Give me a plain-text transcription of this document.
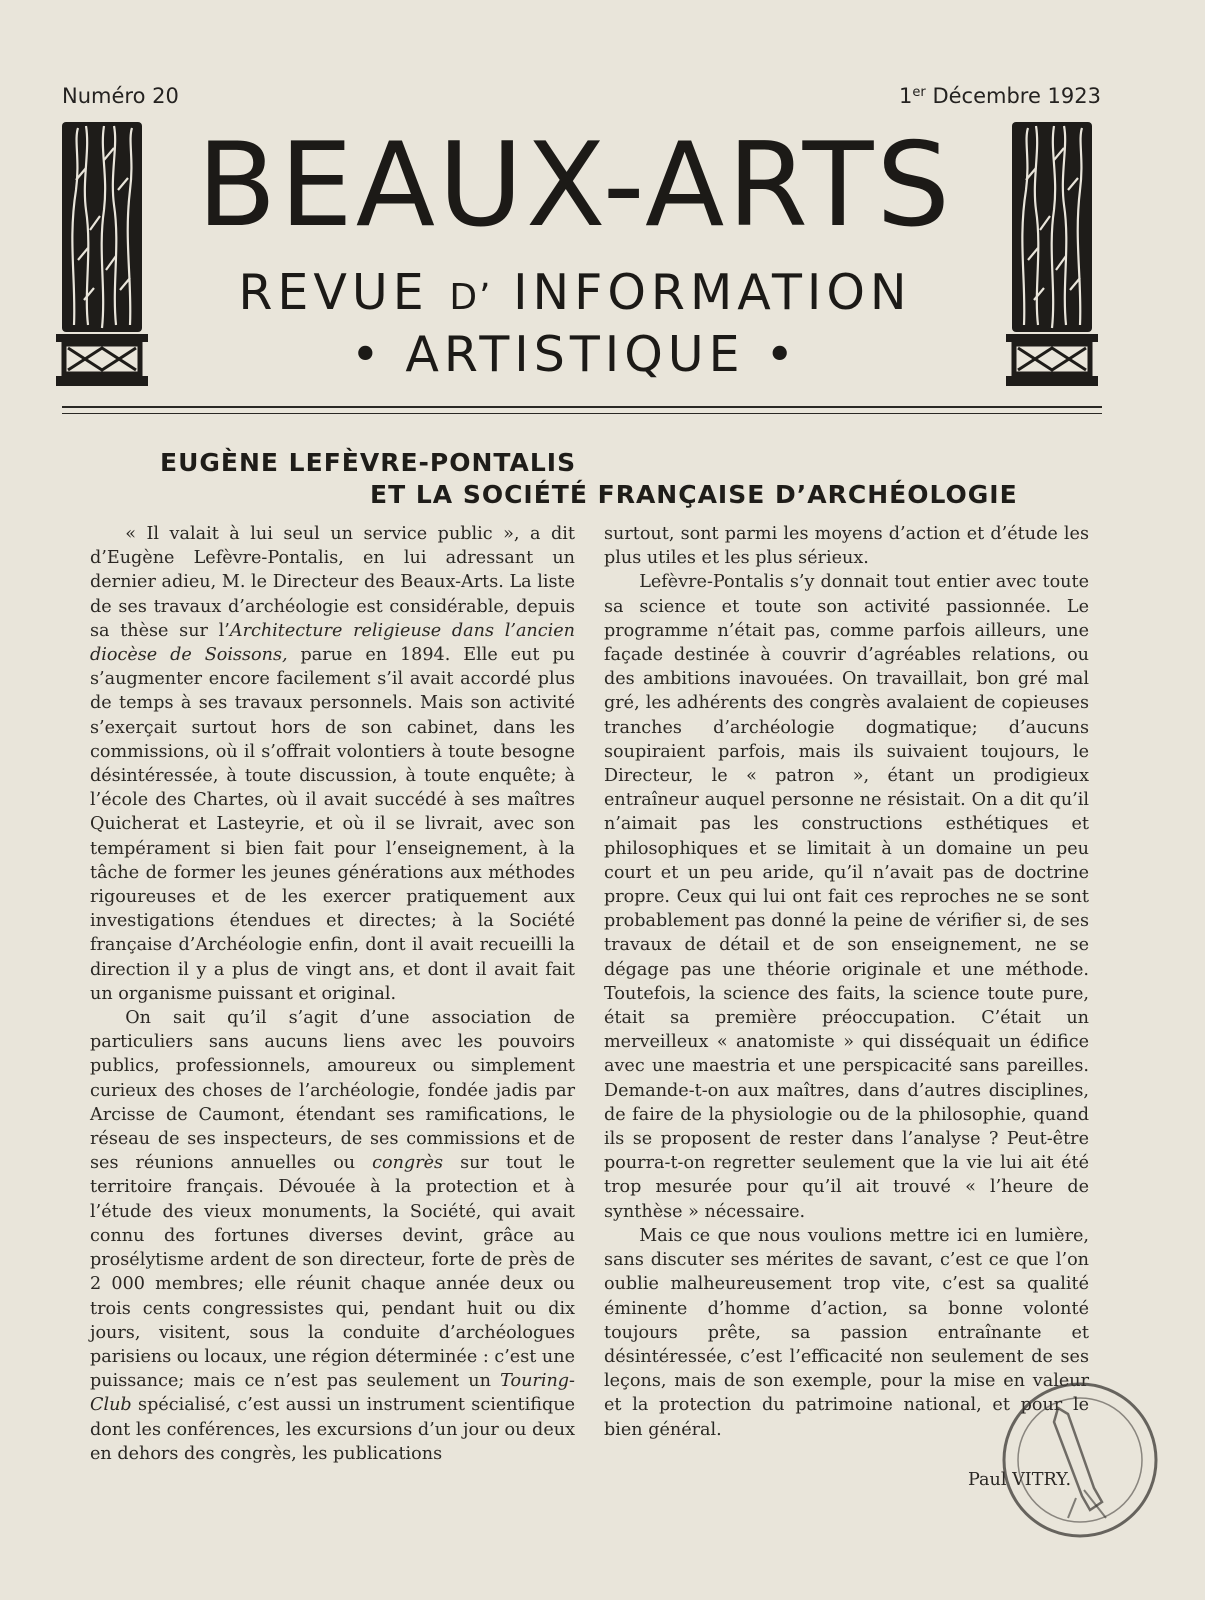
Numéro 20	1er Décembre 1923
BEAUX-ARTS
REVUE D’ INFORMATION
• ARTISTIQUE •
EUGÈNE LEFÈVRE-PONTALIS
ET LA SOCIÉTÉ FRANÇAISE D’ARCHÉOLOGIE

« Il valait à lui seul un service public », a dit d’Eugène Lefèvre-Pontalis, en lui adressant un dernier adieu, M. le Directeur des Beaux-Arts. La liste de ses travaux d’archéologie est considérable, depuis sa thèse sur l’Architecture religieuse dans l’ancien diocèse de Soissons, parue en 1894. Elle eut pu s’augmenter encore facilement s’il avait accordé plus de temps à ses travaux personnels. Mais son activité s’exerçait surtout hors de son cabinet, dans les commissions, où il s’offrait volontiers à toute besogne désintéressée, à toute discussion, à toute enquête; à l’école des Chartes, où il avait succédé à ses maîtres Quicherat et Lasteyrie, et où il se livrait, avec son tempérament si bien fait pour l’enseignement, à la tâche de former les jeunes générations aux méthodes rigoureuses et de les exercer pratiquement aux investigations étendues et directes; à la Société française d’Archéologie enfin, dont il avait recueilli la direction il y a plus de vingt ans, et dont il avait fait un organisme puissant et original.

On sait qu’il s’agit d’une association de particuliers sans aucuns liens avec les pouvoirs publics, professionnels, amoureux ou simplement curieux des choses de l’archéologie, fondée jadis par Arcisse de Caumont, étendant ses ramifications, le réseau de ses inspecteurs, de ses commissions et de ses réunions annuelles ou congrès sur tout le territoire français. Dévouée à la protection et à l’étude des vieux monuments, la Société, qui avait connu des fortunes diverses devint, grâce au prosélytisme ardent de son directeur, forte de près de 2 000 membres; elle réunit chaque année deux ou trois cents congressistes qui, pendant huit ou dix jours, visitent, sous la conduite d’archéologues parisiens ou locaux, une région déterminée : c’est une puissance; mais ce n’est pas seulement un Touring-Club spécialisé, c’est aussi un instrument scientifique dont les conférences, les excursions d’un jour ou deux en dehors des congrès, les publications

surtout, sont parmi les moyens d’action et d’étude les plus utiles et les plus sérieux.

Lefèvre-Pontalis s’y donnait tout entier avec toute sa science et toute son activité passionnée. Le programme n’était pas, comme parfois ailleurs, une façade destinée à couvrir d’agréables relations, ou des ambitions inavouées. On travaillait, bon gré mal gré, les adhérents des congrès avalaient de copieuses tranches d’archéologie dogmatique; d’aucuns soupiraient parfois, mais ils suivaient toujours, le Directeur, le « patron », étant un prodigieux entraîneur auquel personne ne résistait. On a dit qu’il n’aimait pas les constructions esthétiques et philosophiques et se limitait à un domaine un peu court et un peu aride, qu’il n’avait pas de doctrine propre. Ceux qui lui ont fait ces reproches ne se sont probablement pas donné la peine de vérifier si, de ses travaux de détail et de son enseignement, ne se dégage pas une théorie originale et une méthode. Toutefois, la science des faits, la science toute pure, était sa première préoccupation. C’était un merveilleux « anatomiste » qui disséquait un édifice avec une maestria et une perspicacité sans pareilles. Demande-t-on aux maîtres, dans d’autres disciplines, de faire de la physiologie ou de la philosophie, quand ils se proposent de rester dans l’analyse ? Peut-être pourra-t-on regretter seulement que la vie lui ait été trop mesurée pour qu’il ait trouvé « l’heure de synthèse » nécessaire.

Mais ce que nous voulions mettre ici en lumière, sans discuter ses mérites de savant, c’est ce que l’on oublie malheureusement trop vite, c’est sa qualité éminente d’homme d’action, sa bonne volonté toujours prête, sa passion entraînante et désintéressée, c’est l’efficacité non seulement de ses leçons, mais de son exemple, pour la mise en valeur et la protection du patrimoine national, et pour le bien général.

Paul VITRY.
